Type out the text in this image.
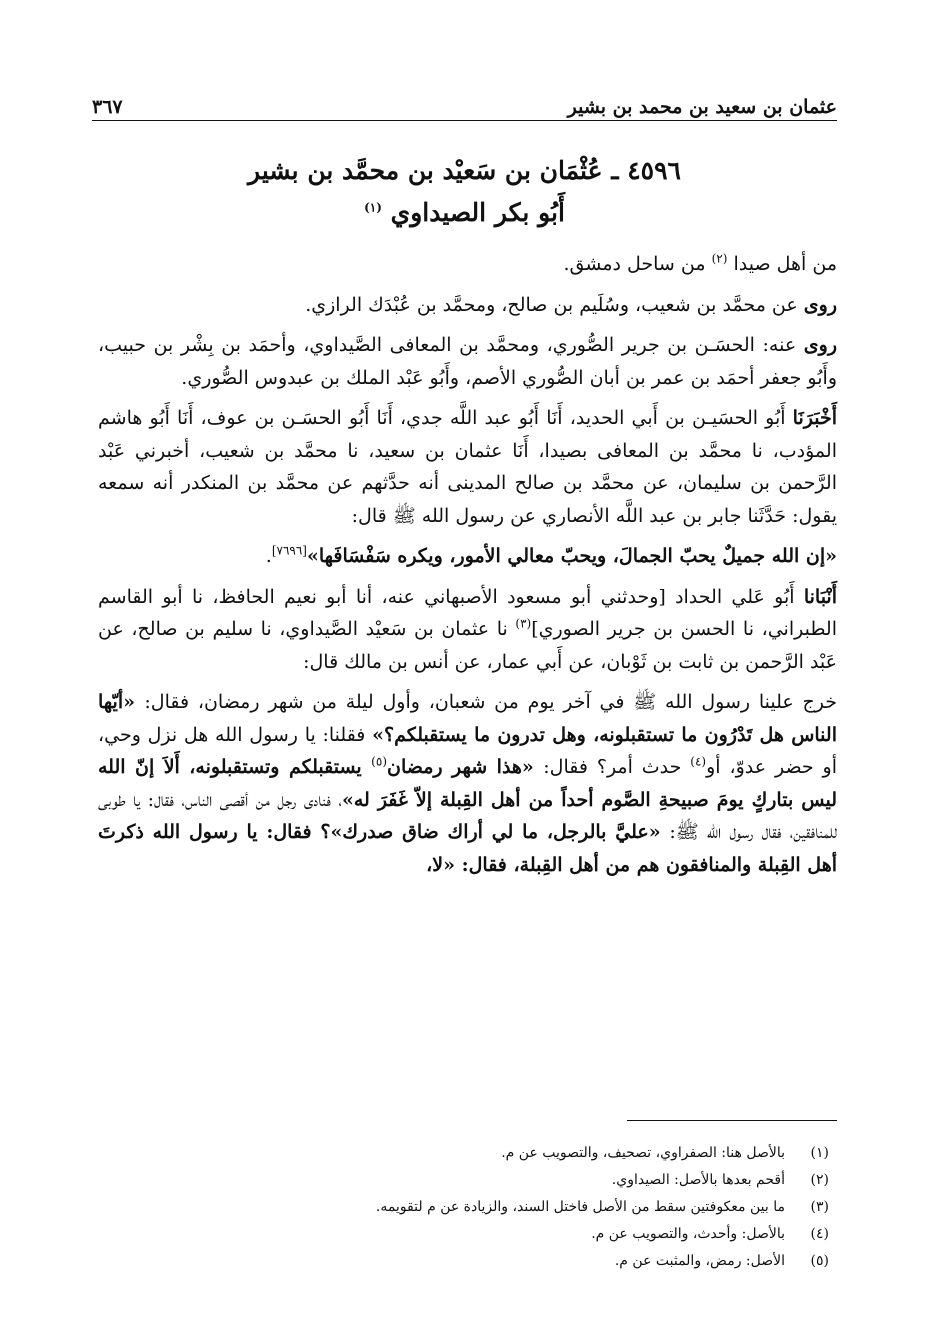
عثمان بن سعيد بن محمد بن بشير
٣٦٧
٤٥٩٦ ـ عُثْمَان بن سَعيْد بن محمَّد بن بشير
أَبُو بكر الصيداوي $^{(١)}$

من أهل صيدا $^{(٢)}$ من ساحل دمشق.

روى عن محمَّد بن شعيب، وسُلَيم بن صالح، ومحمَّد بن عُبْدَك الرازي.

روى عنه: الحسَـن بن جرير الصُّوري، ومحمَّد بن المعافى الصَّيداوي، وأحمَد بن بِشْر بن حبيب، وأَبُو جعفر أحمَد بن عمر بن أبان الصُّوري الأصم، وأَبُو عَبْد الملك بن عبدوس الصُّوري.

أَخْبَرَنَا أَبُو الحسَيـن بن أَبي الحديد، أَنَا أَبُو عبد اللَّه جدي، أَنَا أَبُو الحسَـن بن عوف، أَنَا أَبُو هاشم المؤدب، نا محمَّد بن المعافى بصيدا، أَنَا عثمان بن سعيد، نا محمَّد بن شعيب، أخبرني عَبْد الرَّحمن بن سليمان، عن محمَّد بن صالح المدينى أنه حدَّثهم عن محمَّد بن المنكدر أنه سمعه يقول: حَدَّثَنا جابر بن عبد اللَّه الأنصاري عن رسول الله ﷺ قال:

«إن الله جميلٌ يحبّ الجمالَ، ويحبّ معالي الأمور، ويكره سَفْسَافَها»[٧٦٩٦].

أَنْبَانا أَبُو عَلي الحداد [وحدثني أبو مسعود الأصبهاني عنه، أنا أبو نعيم الحافظ، نا أبو القاسم الطبراني، نا الحسن بن جرير الصوري]$^{(٣)}$ نا عثمان بن سَعيْد الصَّيداوي، نا سليم بن صالح، عن عَبْد الرَّحمن بن ثابت بن ثَوْبان، عن أَبي عمار، عن أنس بن مالك قال:

خرج علينا رسول الله ﷺ في آخر يوم من شعبان، وأول ليلة من شهر رمضان، فقال: «أيّها الناس هل تَدْرُون ما تستقبلونه، وهل تدرون ما يستقبلكم؟» فقلنا: يا رسول الله هل نزل وحي، أو حضر عدوّ، أو$^{(٤)}$ حدث أمر؟ فقال: «هذا شهر رمضان$^{(٥)}$ يستقبلكم وتستقبلونه، أَلاَ إنّ الله ليس بتاركٍ يومَ صبيحةِ الصَّوم أحداً من أهل القِبلة إلاّ غَفَرَ له»، فنادى رجل من أقصى الناس، فقال: يا طوبى للمنافقين، فقال رسول الله ﷺ: «عليَّ بالرجل، ما لي أراك ضاق صدرك»؟ فقال: يا رسول الله ذكرتَ أهل القِبلة والمنافقون هم من أهل القِبلة، فقال: «لا،

(١)
بالأصل هنا: الصفراوي، تصحيف، والتصويب عن م.
(٢)
أقحم بعدها بالأصل: الصيداوي.
(٣)
ما بين معكوفتين سقط من الأصل فاختل السند، والزيادة عن م لتقويمه.
(٤)
بالأصل: وأحدث، والتصويب عن م.
(٥)
الأصل: رمض، والمثبت عن م.
